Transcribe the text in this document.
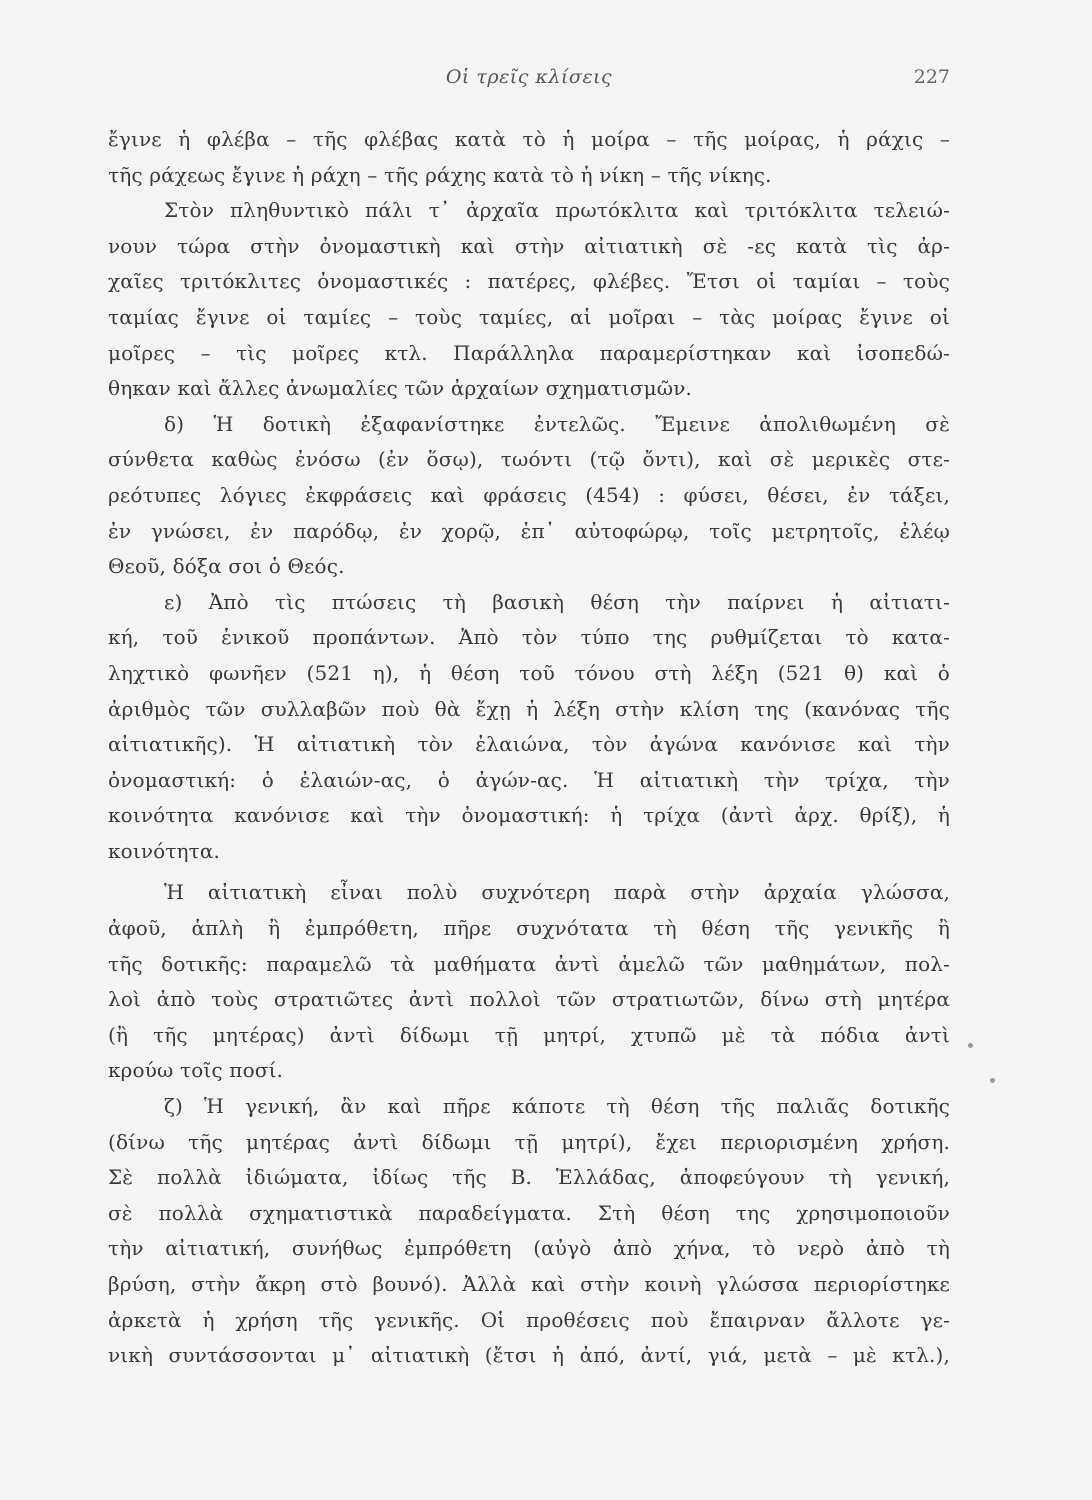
Οἱ τρεῖς κλίσεις	227
ἔγινε ἡ φλέβα – τῆς φλέβας κατὰ τὸ ἡ μοίρα – τῆς μοίρας, ἡ ράχις –
τῆς ράχεως ἔγινε ἡ ράχη – τῆς ράχης κατὰ τὸ ἡ νίκη – τῆς νίκης.
Στὸν πληθυντικὸ πάλι τ᾽ ἀρχαῖα πρωτόκλιτα καὶ τριτόκλιτα τελειώ-
νουν τώρα στὴν ὀνομαστικὴ καὶ στὴν αἰτιατικὴ σὲ -ες κατὰ τὶς ἀρ-
χαῖες τριτόκλιτες ὀνομαστικές : πατέρες, φλέβες. Ἔτσι οἱ ταμίαι – τοὺς
ταμίας ἔγινε οἱ ταμίες – τοὺς ταμίες, αἱ μοῖραι – τὰς μοίρας ἔγινε οἱ
μοῖρες – τὶς μοῖρες κτλ. Παράλληλα παραμερίστηκαν καὶ ἰσοπεδώ-
θηκαν καὶ ἄλλες ἀνωμαλίες τῶν ἀρχαίων σχηματισμῶν.
δ) Ἡ δοτικὴ ἐξαφανίστηκε ἐντελῶς. Ἔμεινε ἀπολιθωμένη σὲ
σύνθετα καθὼς ἐνόσω (ἐν ὅσῳ), τωόντι (τῷ ὄντι), καὶ σὲ μερικὲς στε-
ρεότυπες λόγιες ἐκφράσεις καὶ φράσεις (454) : φύσει, θέσει, ἐν τάξει,
ἐν γνώσει, ἐν παρόδῳ, ἐν χορῷ, ἐπ᾽ αὐτοφώρῳ, τοῖς μετρητοῖς, ἐλέῳ
Θεοῦ, δόξα σοι ὁ Θεός.
ε) Ἀπὸ τὶς πτώσεις τὴ βασικὴ θέση τὴν παίρνει ἡ αἰτιατι-
κή, τοῦ ἑνικοῦ προπάντων. Ἀπὸ τὸν τύπο της ρυθμίζεται τὸ κατα-
ληχτικὸ φωνῆεν (521 η), ἡ θέση τοῦ τόνου στὴ λέξη (521 θ) καὶ ὁ
ἀριθμὸς τῶν συλλαβῶν ποὺ θὰ ἔχῃ ἡ λέξη στὴν κλίση της (κανόνας τῆς
αἰτιατικῆς). Ἡ αἰτιατικὴ τὸν ἐλαιώνα, τὸν ἀγώνα κανόνισε καὶ τὴν
ὀνομαστική: ὁ ἐλαιών-ας, ὁ ἀγών-ας. Ἡ αἰτιατικὴ τὴν τρίχα, τὴν
κοινότητα κανόνισε καὶ τὴν ὀνομαστική: ἡ τρίχα (ἀντὶ ἀρχ. θρίξ), ἡ
κοινότητα.
Ἡ αἰτιατικὴ εἶναι πολὺ συχνότερη παρὰ στὴν ἀρχαία γλώσσα,
ἀφοῦ, ἁπλὴ ἢ ἐμπρόθετη, πῆρε συχνότατα τὴ θέση τῆς γενικῆς ἢ
τῆς δοτικῆς: παραμελῶ τὰ μαθήματα ἀντὶ ἀμελῶ τῶν μαθημάτων, πολ-
λοὶ ἀπὸ τοὺς στρατιῶτες ἀντὶ πολλοὶ τῶν στρατιωτῶν, δίνω στὴ μητέρα
(ἢ τῆς μητέρας) ἀντὶ δίδωμι τῇ μητρί, χτυπῶ μὲ τὰ πόδια ἀντὶ
κρούω τοῖς ποσί.
ζ) Ἡ γενική, ἂν καὶ πῆρε κάποτε τὴ θέση τῆς παλιᾶς δοτικῆς
(δίνω τῆς μητέρας ἀντὶ δίδωμι τῇ μητρί), ἔχει περιορισμένη χρήση.
Σὲ πολλὰ ἰδιώματα, ἰδίως τῆς Β. Ἑλλάδας, ἀποφεύγουν τὴ γενική,
σὲ πολλὰ σχηματιστικὰ παραδείγματα. Στὴ θέση της χρησιμοποιοῦν
τὴν αἰτιατική, συνήθως ἐμπρόθετη (αὐγὸ ἀπὸ χήνα, τὸ νερὸ ἀπὸ τὴ
βρύση, στὴν ἄκρη στὸ βουνό). Ἀλλὰ καὶ στὴν κοινὴ γλώσσα περιορίστηκε
ἀρκετὰ ἡ χρήση τῆς γενικῆς. Οἱ προθέσεις ποὺ ἔπαιρναν ἄλλοτε γε-
νικὴ συντάσσονται μ᾽ αἰτιατικὴ (ἔτσι ἡ ἀπό, ἀντί, γιά, μετὰ – μὲ κτλ.),
